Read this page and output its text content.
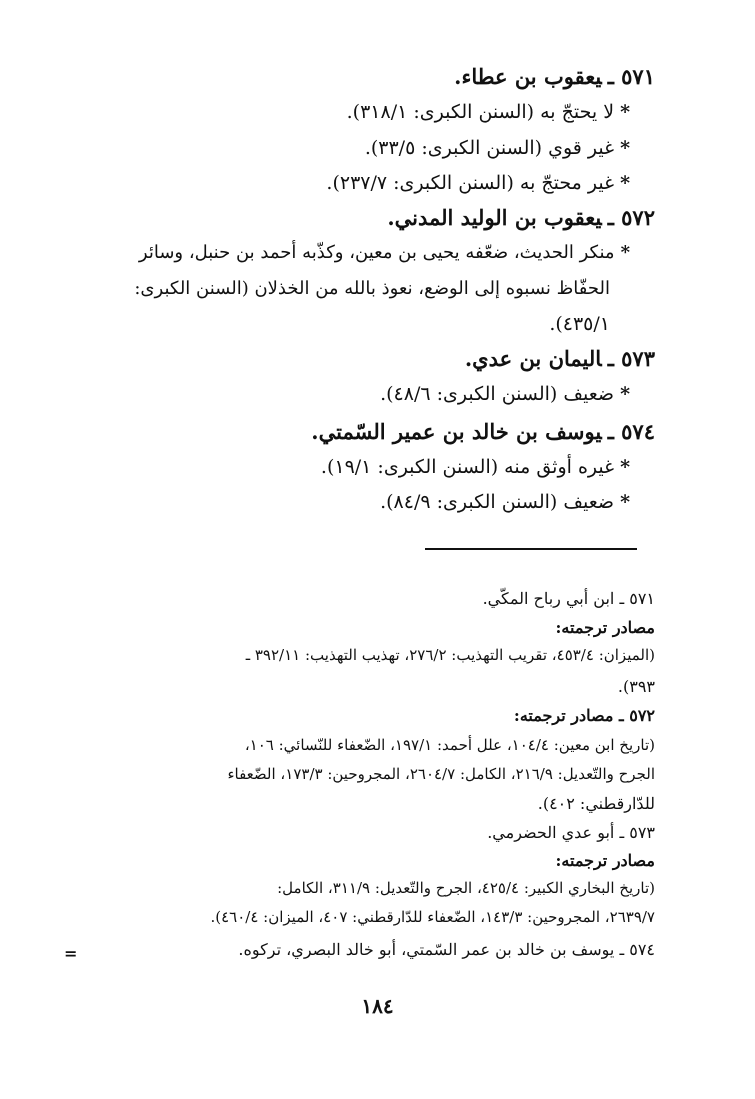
٥٧١ ـيعقوب بن عطاء.
*لا يحتجّ به (السنن الكبرى: ٣١٨/١).
*غير قوي (السنن الكبرى: ٣٣/٥).
*غير محتجّ به (السنن الكبرى: ٢٣٧/٧).
٥٧٢ ـيعقوب بن الوليد المدني.
*منكر الحديث، ضعّفه يحيى بن معين، وكذّبه أحمد بن حنبل، وسائر
الحفّاظ نسبوه إلى الوضع، نعوذ بالله من الخذلان (السنن الكبرى:
٤٣٥/١).
٥٧٣ ـاليمان بن عدي.
*ضعيف (السنن الكبرى: ٤٨/٦).
٥٧٤ ـيوسف بن خالد بن عمير السّمتي.
*غيره أوثق منه (السنن الكبرى: ١٩/١).
*ضعيف (السنن الكبرى: ٨٤/٩).
٥٧١ ـ ابن أبي رباح المكّي.
مصادر ترجمته:
(الميزان: ٤٥٣/٤، تقريب التهذيب: ٢٧٦/٢، تهذيب التهذيب: ٣٩٢/١١ ـ
٣٩٣).
٥٧٢ ـ مصادر ترجمته:
(تاريخ ابن معين: ١٠٤/٤، علل أحمد: ١٩٧/١، الضّعفاء للنّسائي: ١٠٦،
الجرح والتّعديل: ٢١٦/٩، الكامل: ٢٦٠٤/٧، المجروحين: ١٧٣/٣، الضّعفاء
للدّارقطني: ٤٠٢).
٥٧٣ ـ أبو عدي الحضرمي.
مصادر ترجمته:
(تاريخ البخاري الكبير: ٤٢٥/٤، الجرح والتّعديل: ٣١١/٩، الكامل:
٢٦٣٩/٧، المجروحين: ١٤٣/٣، الضّعفاء للدّارقطني: ٤٠٧، الميزان: ٤٦٠/٤).
٥٧٤ ـ يوسف بن خالد بن عمر السّمتي، أبو خالد البصري، تركوه.
=
١٨٤
